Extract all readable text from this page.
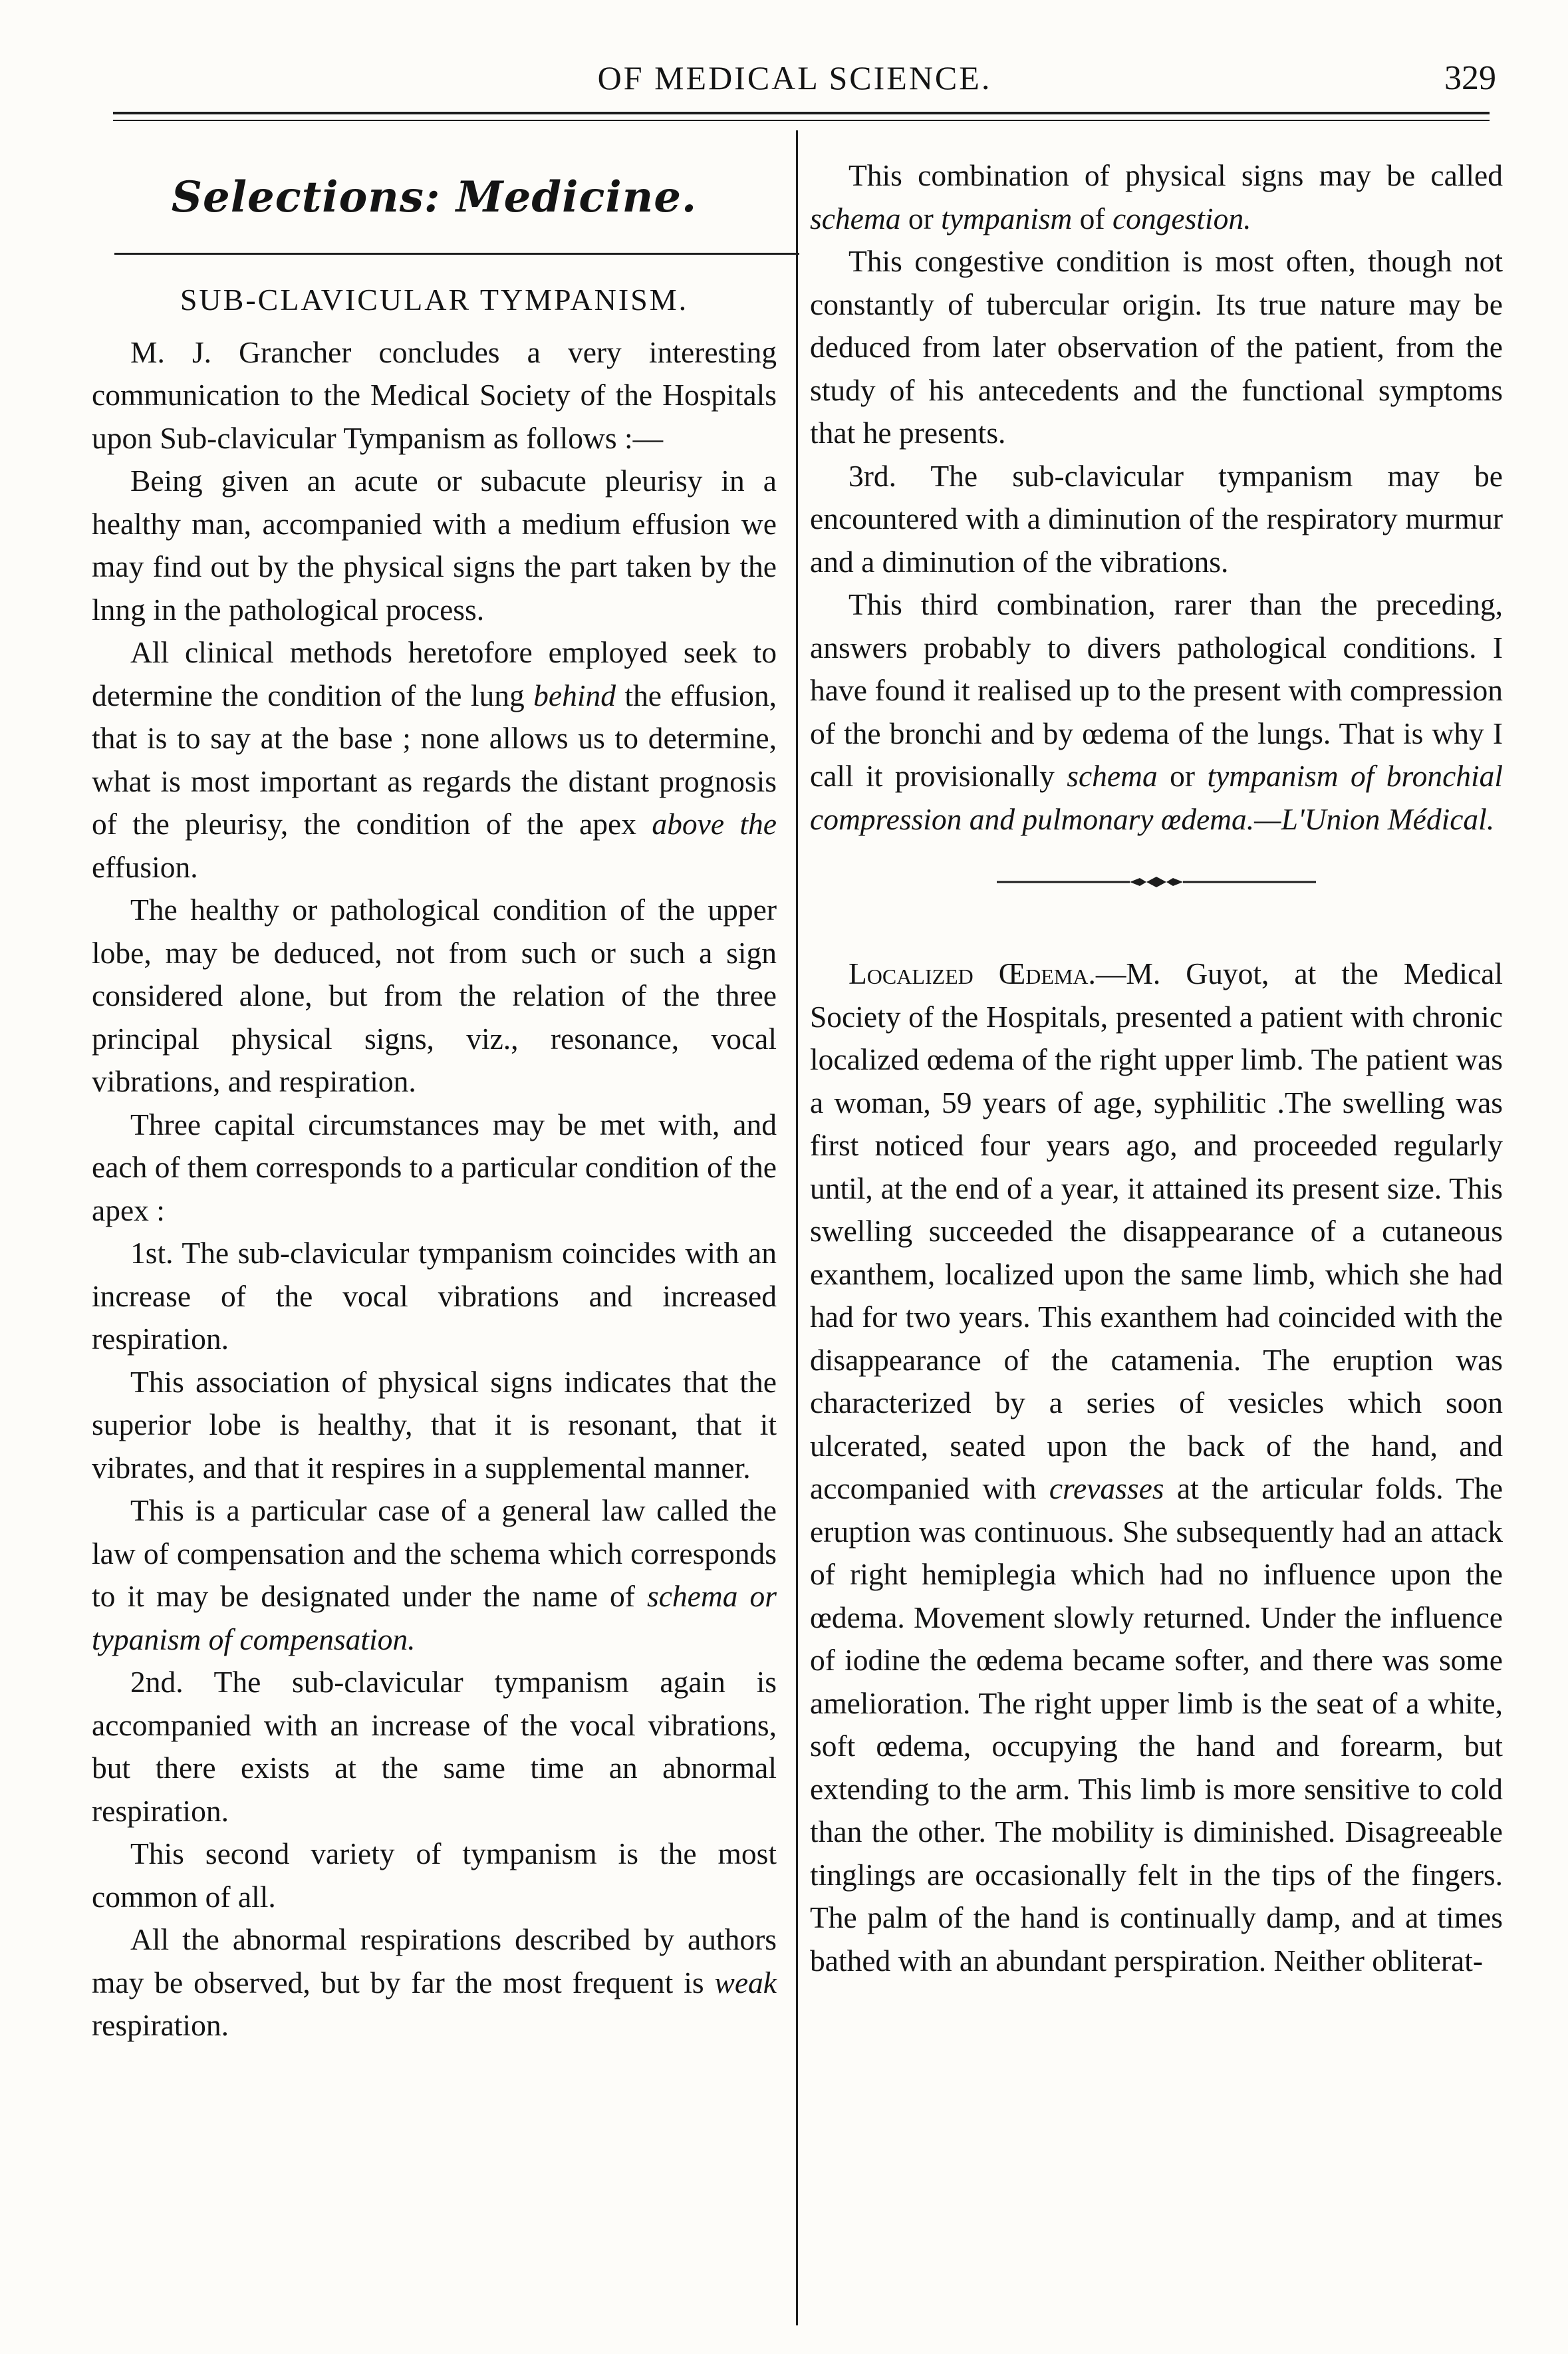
OF MEDICAL SCIENCE.	329
Selections: Medicine.
SUB-CLAVICULAR TYMPANISM.

M. J. Grancher concludes a very interesting communication to the Medical Society of the Hospitals upon Sub-clavicular Tympanism as follows :—

Being given an acute or subacute pleurisy in a healthy man, accompanied with a medium effusion we may find out by the physical signs the part taken by the lnng in the pathological process.

All clinical methods heretofore employed seek to determine the condition of the lung behind the effusion, that is to say at the base ; none allows us to determine, what is most important as regards the distant prognosis of the pleurisy, the condition of the apex above the effusion.

The healthy or pathological condition of the upper lobe, may be deduced, not from such or such a sign considered alone, but from the relation of the three principal physical signs, viz., resonance, vocal vibrations, and respiration.

Three capital circumstances may be met with, and each of them corresponds to a particular condition of the apex :

1st. The sub-clavicular tympanism coincides with an increase of the vocal vibrations and increased respiration.

This association of physical signs indicates that the superior lobe is healthy, that it is resonant, that it vibrates, and that it respires in a supplemental manner.

This is a particular case of a general law called the law of compensation and the schema which corresponds to it may be designated under the name of schema or typanism of compensation.

2nd. The sub-clavicular tympanism again is accompanied with an increase of the vocal vibrations, but there exists at the same time an abnormal respiration.

This second variety of tympanism is the most common of all.

All the abnormal respirations described by authors may be observed, but by far the most frequent is weak respiration.

This combination of physical signs may be called schema or tympanism of congestion.

This congestive condition is most often, though not constantly of tubercular origin. Its true nature may be deduced from later observation of the patient, from the study of his antecedents and the functional symptoms that he presents.

3rd. The sub-clavicular tympanism may be encountered with a diminution of the respiratory murmur and a diminution of the vibrations.

This third combination, rarer than the preceding, answers probably to divers pathological conditions. I have found it realised up to the present with compression of the bronchi and by œdema of the lungs. That is why I call it provisionally schema or tympanism of bronchial compression and pulmonary œdema.—L'Union Médical.

Localized Œdema.—M. Guyot, at the Medical Society of the Hospitals, presented a patient with chronic localized œdema of the right upper limb. The patient was a woman, 59 years of age, syphilitic .The swelling was first noticed four years ago, and proceeded regularly until, at the end of a year, it attained its present size. This swelling succeeded the disappearance of a cutaneous exanthem, localized upon the same limb, which she had had for two years. This exanthem had coincided with the disappearance of the catamenia. The eruption was characterized by a series of vesicles which soon ulcerated, seated upon the back of the hand, and accompanied with crevasses at the articular folds. The eruption was continuous. She subsequently had an attack of right hemiplegia which had no influence upon the œdema. Movement slowly returned. Under the influence of iodine the œdema became softer, and there was some amelioration. The right upper limb is the seat of a white, soft œdema, occupying the hand and forearm, but extending to the arm. This limb is more sensitive to cold than the other. The mobility is diminished. Disagreeable tinglings are occasionally felt in the tips of the fingers. The palm of the hand is continually damp, and at times bathed with an abundant perspiration. Neither obliterat-
